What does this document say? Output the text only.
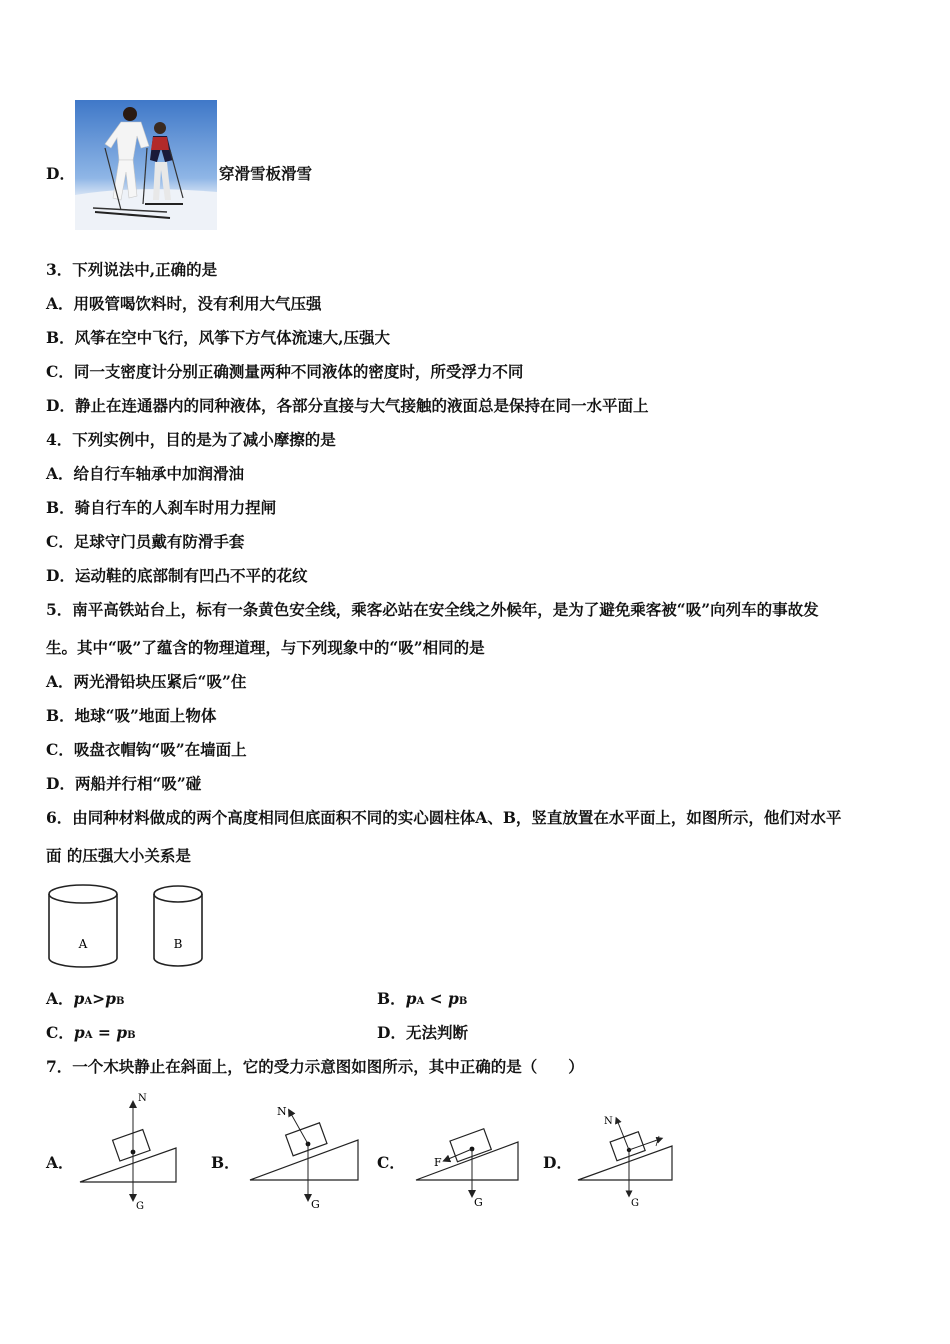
D．	穿滑雪板滑雪
3．下列说法中,正确的是
A．用吸管喝饮料时，没有利用大气压强
B．风筝在空中飞行，风筝下方气体流速大,压强大
C．同一支密度计分别正确测量两种不同液体的密度时，所受浮力不同
D．静止在连通器内的同种液体，各部分直接与大气接触的液面总是保持在同一水平面上
4．下列实例中，目的是为了减小摩擦的是
A．给自行车轴承中加润滑油
B．骑自行车的人刹车时用力捏闸
C．足球守门员戴有防滑手套
D．运动鞋的底部制有凹凸不平的花纹
5．南平高铁站台上，标有一条黄色安全线，乘客必站在安全线之外候年，是为了避免乘客被“吸”向列车的事故发
生。其中“吸”了蕴含的物理道理，与下列现象中的“吸”相同的是
A．两光滑铅块压紧后“吸”住
B．地球“吸”地面上物体
C．吸盘衣帽钩“吸”在墙面上
D．两船并行相“吸”碰
6．由同种材料做成的两个高度相同但底面积不同的实心圆柱体A、B，竖直放置在水平面上，如图所示，他们对水平
面 的压强大小关系是
A	B
A．pA>pB	B．pA < pB
C．pA = pB	D．无法判断
7．一个木块静止在斜面上，它的受力示意图如图所示，其中正确的是（　　）
A．	B．	C．	D．
N
G
N
G
F
G
N
G
